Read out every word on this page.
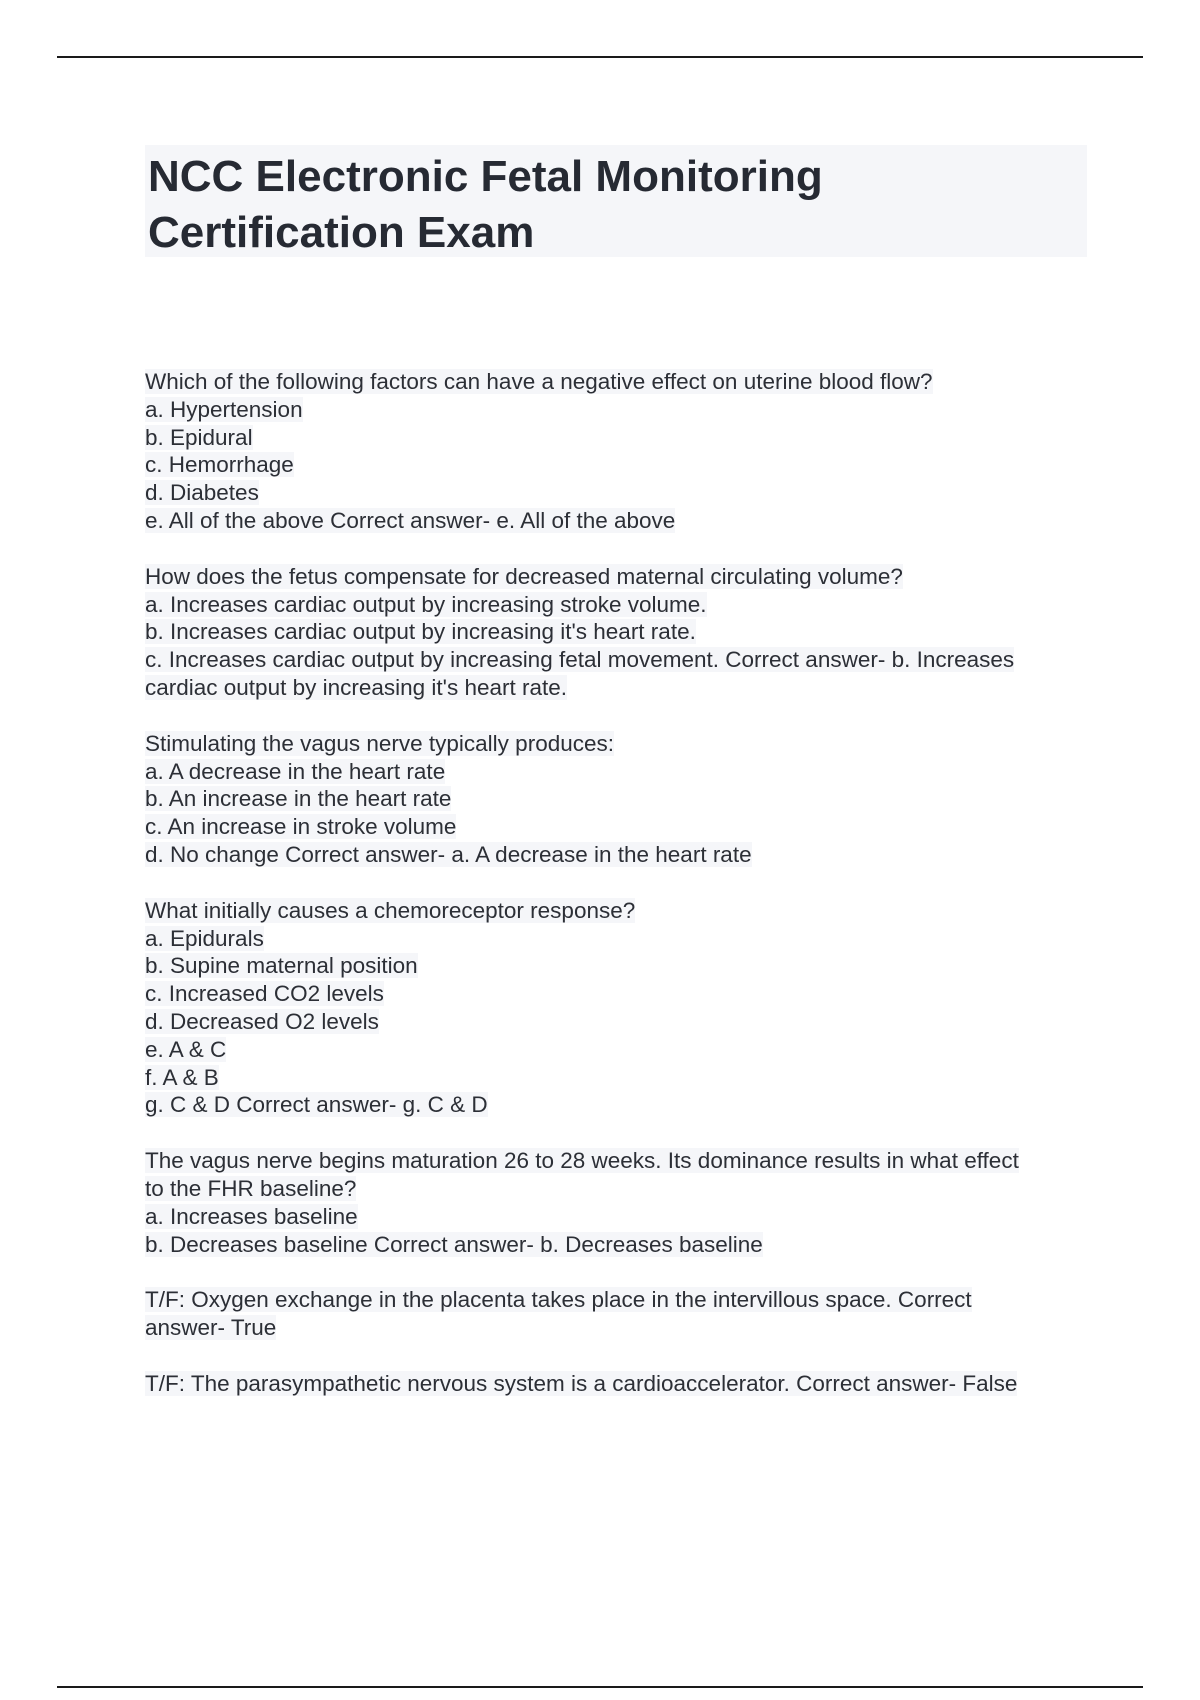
NCC Electronic Fetal Monitoring
Certification Exam
Which of the following factors can have a negative effect on uterine blood flow?
a. Hypertension
b. Epidural
c. Hemorrhage
d. Diabetes
e. All of the above Correct answer- e. All of the above
How does the fetus compensate for decreased maternal circulating volume?
a. Increases cardiac output by increasing stroke volume.
b. Increases cardiac output by increasing it's heart rate.
c. Increases cardiac output by increasing fetal movement. Correct answer- b. Increases
cardiac output by increasing it's heart rate.
Stimulating the vagus nerve typically produces:
a. A decrease in the heart rate
b. An increase in the heart rate
c. An increase in stroke volume
d. No change Correct answer- a. A decrease in the heart rate
What initially causes a chemoreceptor response?
a. Epidurals
b. Supine maternal position
c. Increased CO2 levels
d. Decreased O2 levels
e. A & C
f. A & B
g. C & D Correct answer- g. C & D
The vagus nerve begins maturation 26 to 28 weeks. Its dominance results in what effect
to the FHR baseline?
a. Increases baseline
b. Decreases baseline Correct answer- b. Decreases baseline
T/F: Oxygen exchange in the placenta takes place in the intervillous space. Correct
answer- True
T/F: The parasympathetic nervous system is a cardioaccelerator. Correct answer- False
